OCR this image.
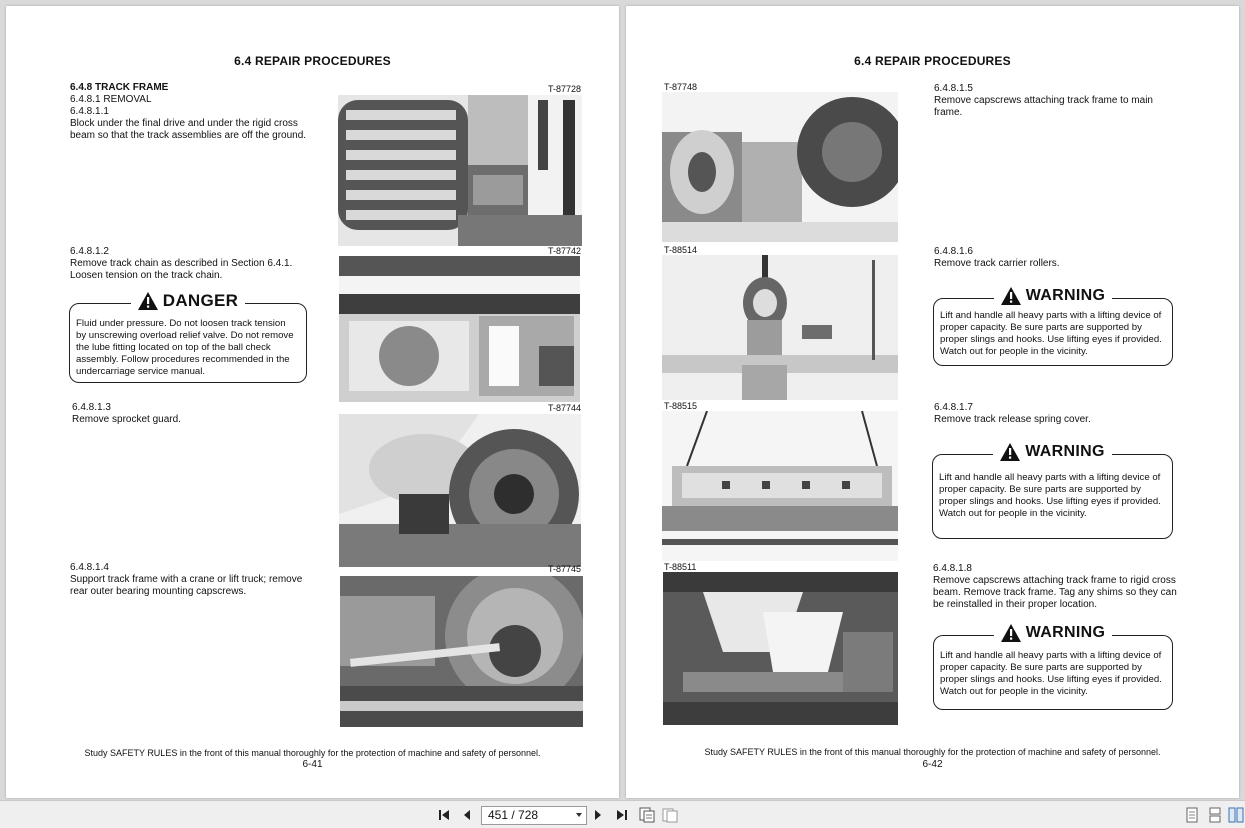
6.4 REPAIR PROCEDURES
6.4.8 TRACK FRAME
6.4.8.1 REMOVAL
6.4.8.1.1
Block under the final drive and under the rigid cross
beam so that the track assemblies are off the ground.
T-87728
6.4.8.1.2
Remove track chain as described in Section 6.4.1.
Loosen tension on the track chain.
T-87742
DANGER
Fluid under pressure. Do not loosen track tension
by unscrewing overload relief valve. Do not remove
the lube fitting located on top of the ball check
assembly. Follow procedures recommended in the
undercarriage service manual.
6.4.8.1.3
Remove sprocket guard.
T-87744
6.4.8.1.4
Support track frame with a crane or lift truck; remove
rear outer bearing mounting capscrews.
T-87745
Study SAFETY RULES in the front of this manual thoroughly for the protection of machine and safety of personnel.
6-41
6.4 REPAIR PROCEDURES
T-87748	6.4.8.1.5
Remove capscrews attaching track frame to main
frame.
T-88514	6.4.8.1.6
Remove track carrier rollers.
WARNING
Lift and handle all heavy parts with a lifting device of
proper capacity. Be sure parts are supported by
proper slings and hooks. Use lifting eyes if provided.
Watch out for people in the vicinity.
T-88515	6.4.8.1.7
Remove track release spring cover.
WARNING
Lift and handle all heavy parts with a lifting device of
proper capacity. Be sure parts are supported by
proper slings and hooks. Use lifting eyes if provided.
Watch out for people in the vicinity.
T-88511	6.4.8.1.8
Remove capscrews attaching track frame to rigid cross
beam. Remove track frame. Tag any shims so they can
be reinstalled in their proper location.
WARNING
Lift and handle all heavy parts with a lifting device of
proper capacity. Be sure parts are supported by
proper slings and hooks. Use lifting eyes if provided.
Watch out for people in the vicinity.
Study SAFETY RULES in the front of this manual thoroughly for the protection of machine and safety of personnel.
6-42
451 / 728
